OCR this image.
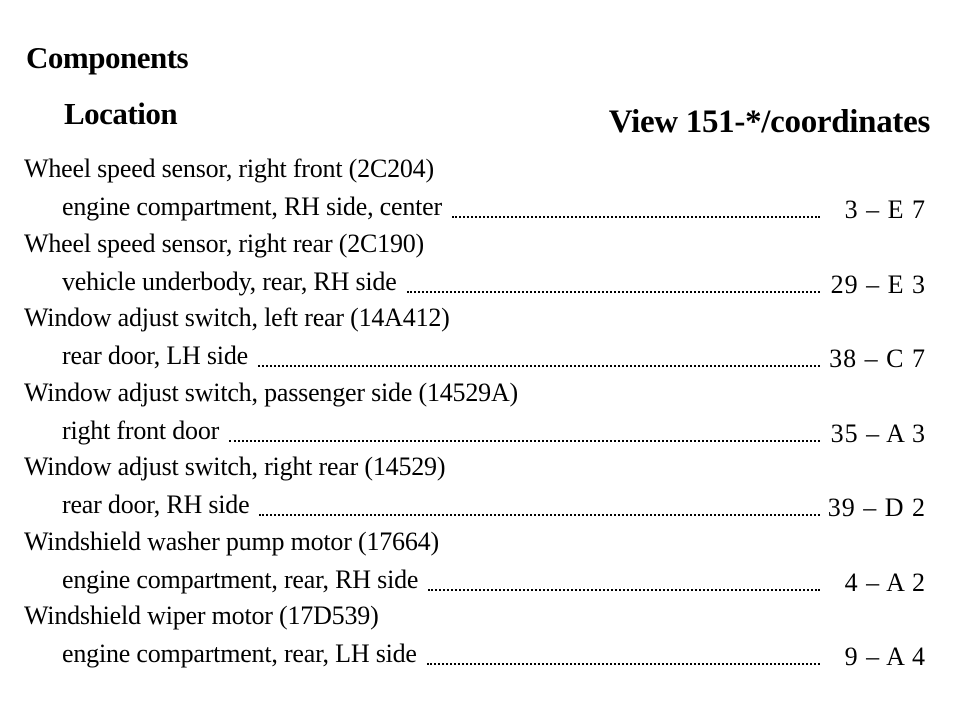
Components
Location	View 151-*/coordinates
Wheel speed sensor, right front (2C204)
engine compartment, RH side, center	3 – E 7
Wheel speed sensor, right rear (2C190)
vehicle underbody, rear, RH side	29 – E 3
Window adjust switch, left rear (14A412)
rear door, LH side	38 – C 7
Window adjust switch, passenger side (14529A)
right front door	35 – A 3
Window adjust switch, right rear (14529)
rear door, RH side	39 – D 2
Windshield washer pump motor (17664)
engine compartment, rear, RH side	4 – A 2
Windshield wiper motor (17D539)
engine compartment, rear, LH side	9 – A 4
